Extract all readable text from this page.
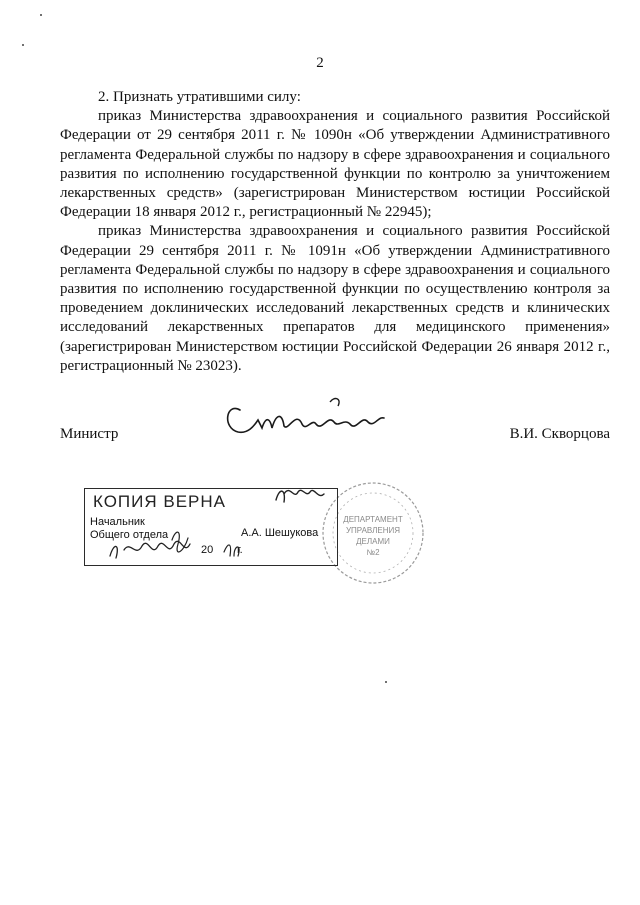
2

2. Признать утратившими силу:

приказ Министерства здравоохранения и социального развития Российской Федерации от 29 сентября 2011 г. № 1090н «Об утверждении Административного регламента Федеральной службы по надзору в сфере здравоохранения и социального развития по исполнению государственной функции по контролю за уничтожением лекарственных средств» (зарегистрирован Министерством юстиции Российской Федерации 18 января 2012 г., регистрационный № 22945);

приказ Министерства здравоохранения и социального развития Российской Федерации 29 сентября 2011 г. № 1091н «Об утверждении Административного регламента Федеральной службы по надзору в сфере здравоохранения и социального развития по исполнению государственной функции по осуществлению контроля за проведением доклинических исследований лекарственных средств и клинических исследований лекарственных препаратов для медицинского применения» (зарегистрирован Министерством юстиции Российской Федерации 26 января 2012 г., регистрационный № 23023).

Министр	В.И. Скворцова
ДЕПАРТАМЕНТ
УПРАВЛЕНИЯ
ДЕЛАМИ
№2
КОПИЯ ВЕРНА
Начальник
Общего отдела	А.А. Шешукова
20 г.
